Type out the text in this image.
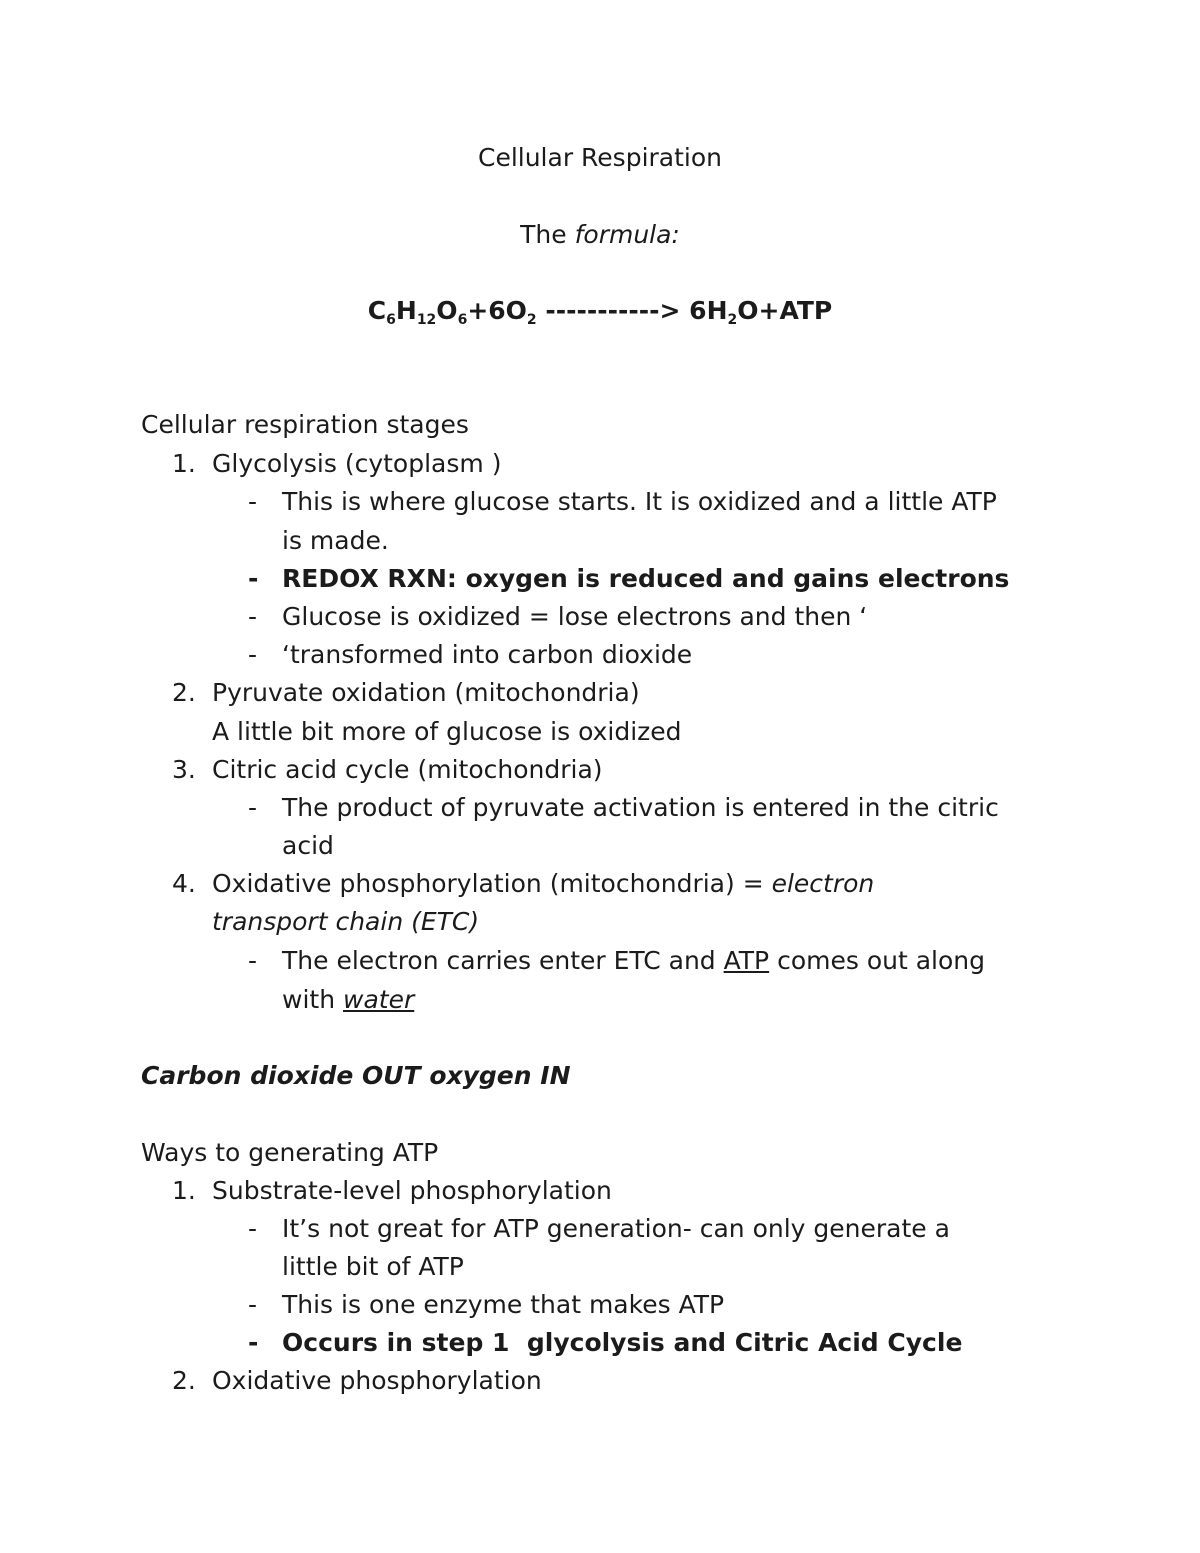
Cellular Respiration
The formula:
$C_6H_{12}O_6+6O_2$ -----------> $6H_2O+ATP$
Cellular respiration stages
1. Glycolysis (cytoplasm )
- This is where glucose starts. It is oxidized and a little ATP
is made.
- REDOX RXN: oxygen is reduced and gains electrons
- Glucose is oxidized = lose electrons and then ‘
- ‘transformed into carbon dioxide
2. Pyruvate oxidation (mitochondria)
A little bit more of glucose is oxidized
3. Citric acid cycle (mitochondria)
- The product of pyruvate activation is entered in the citric
acid
4. Oxidative phosphorylation (mitochondria) = electron
transport chain (ETC)
- The electron carries enter ETC and ATP comes out along
with water
Carbon dioxide OUT oxygen IN
Ways to generating ATP
1. Substrate-level phosphorylation
- It’s not great for ATP generation- can only generate a
little bit of ATP
- This is one enzyme that makes ATP
- Occurs in step 1  glycolysis and Citric Acid Cycle
2. Oxidative phosphorylation
